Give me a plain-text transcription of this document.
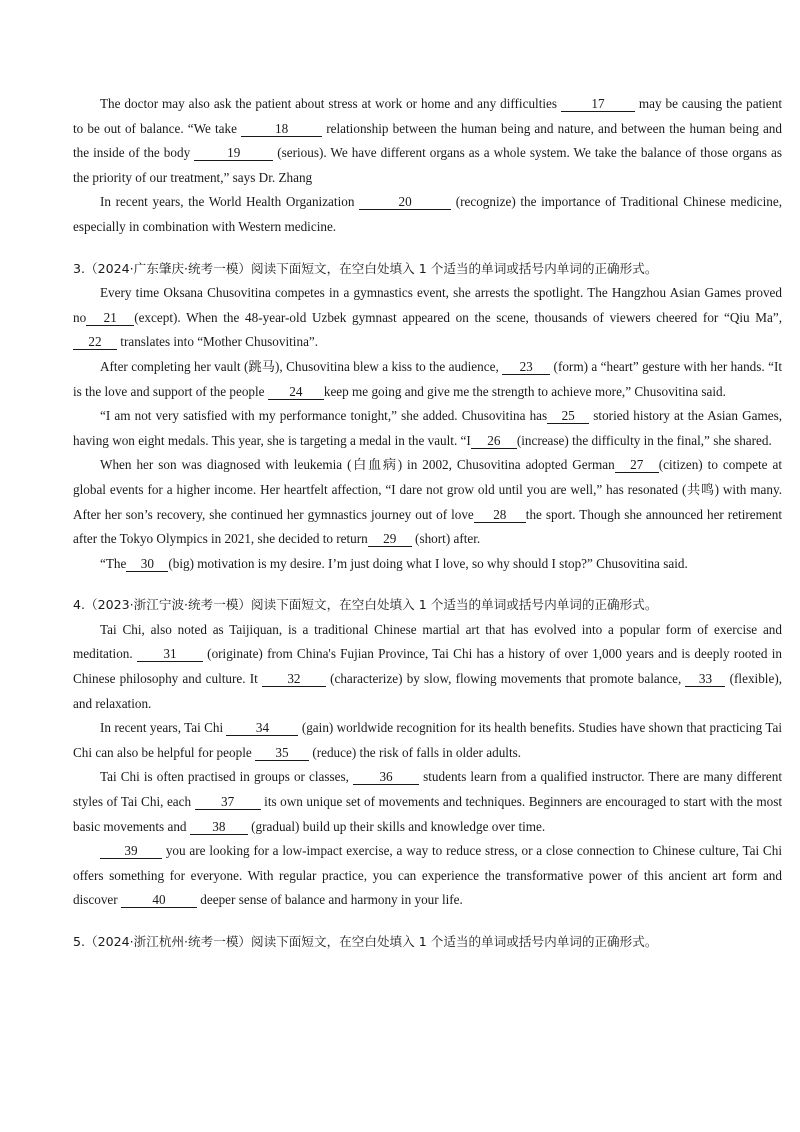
The doctor may also ask the patient about stress at work or home and any difficulties 17 may be causing the patient to be out of balance. “We take	18	relationship between the human being and nature, and between the human being and the inside of the body 19 (serious). We have different organs as a whole system. We take the balance of those organs as the priority of our treatment,” says Dr. Zhang

In recent years, the World Health Organization	20	(recognize) the importance of Traditional Chinese medicine, especially in combination with Western medicine.

3.（2024·广东肇庆·统考一模）阅读下面短文，在空白处填入 1 个适当的单词或括号内单词的正确形式。

Every time Oksana Chusovitina competes in a gymnastics event, she arrests the spotlight. The Hangzhou Asian Games proved no 21 (except). When the 48-year-old Uzbek gymnast appeared on the scene, thousands of viewers cheered for “Qiu Ma”, 22 translates into “Mother Chusovitina”.

After completing her vault (跳马), Chusovitina blew a kiss to the audience, 23 (form) a “heart” gesture with her hands. “It is the love and support of the people 24 keep me going and give me the strength to achieve more,” Chusovitina said.

“I am not very satisfied with my performance tonight,” she added. Chusovitina has 25 storied history at the Asian Games, having won eight medals. This year, she is targeting a medal in the vault. “I 26 (increase) the difficulty in the final,” she shared.

When her son was diagnosed with leukemia (白血病) in 2002, Chusovitina adopted German 27 (citizen) to compete at global events for a higher income. Her heartfelt affection, “I dare not grow old until you are well,” has resonated (共鸣) with many. After her son’s recovery, she continued her gymnastics journey out of love 28 the sport. Though she announced her retirement after the Tokyo Olympics in 2021, she decided to return 29 (short) after.

“The 30 (big) motivation is my desire. I’m just doing what I love, so why should I stop?” Chusovitina said.

4.（2023·浙江宁波·统考一模）阅读下面短文，在空白处填入 1 个适当的单词或括号内单词的正确形式。

Tai Chi, also noted as Taijiquan, is a traditional Chinese martial art that has evolved into a popular form of exercise and meditation. 31 (originate) from China's Fujian Province, Tai Chi has a history of over 1,000 years and is deeply rooted in Chinese philosophy and culture. It 32 (characterize) by slow, flowing movements that promote balance, 33 (flexible), and relaxation.

In recent years, Tai Chi 34 (gain) worldwide recognition for its health benefits. Studies have shown that practicing Tai Chi can also be helpful for people 35 (reduce) the risk of falls in older adults.

Tai Chi is often practised in groups or classes, 36 students learn from a qualified instructor. There are many different styles of Tai Chi, each 37 its own unique set of movements and techniques. Beginners are encouraged to start with the most basic movements and 38 (gradual) build up their skills and knowledge over time.

39 you are looking for a low-impact exercise, a way to reduce stress, or a close connection to Chinese culture, Tai Chi offers something for everyone. With regular practice, you can experience the transformative power of this ancient art form and discover 40 deeper sense of balance and harmony in your life.

5.（2024·浙江杭州·统考一模）阅读下面短文，在空白处填入 1 个适当的单词或括号内单词的正确形式。
